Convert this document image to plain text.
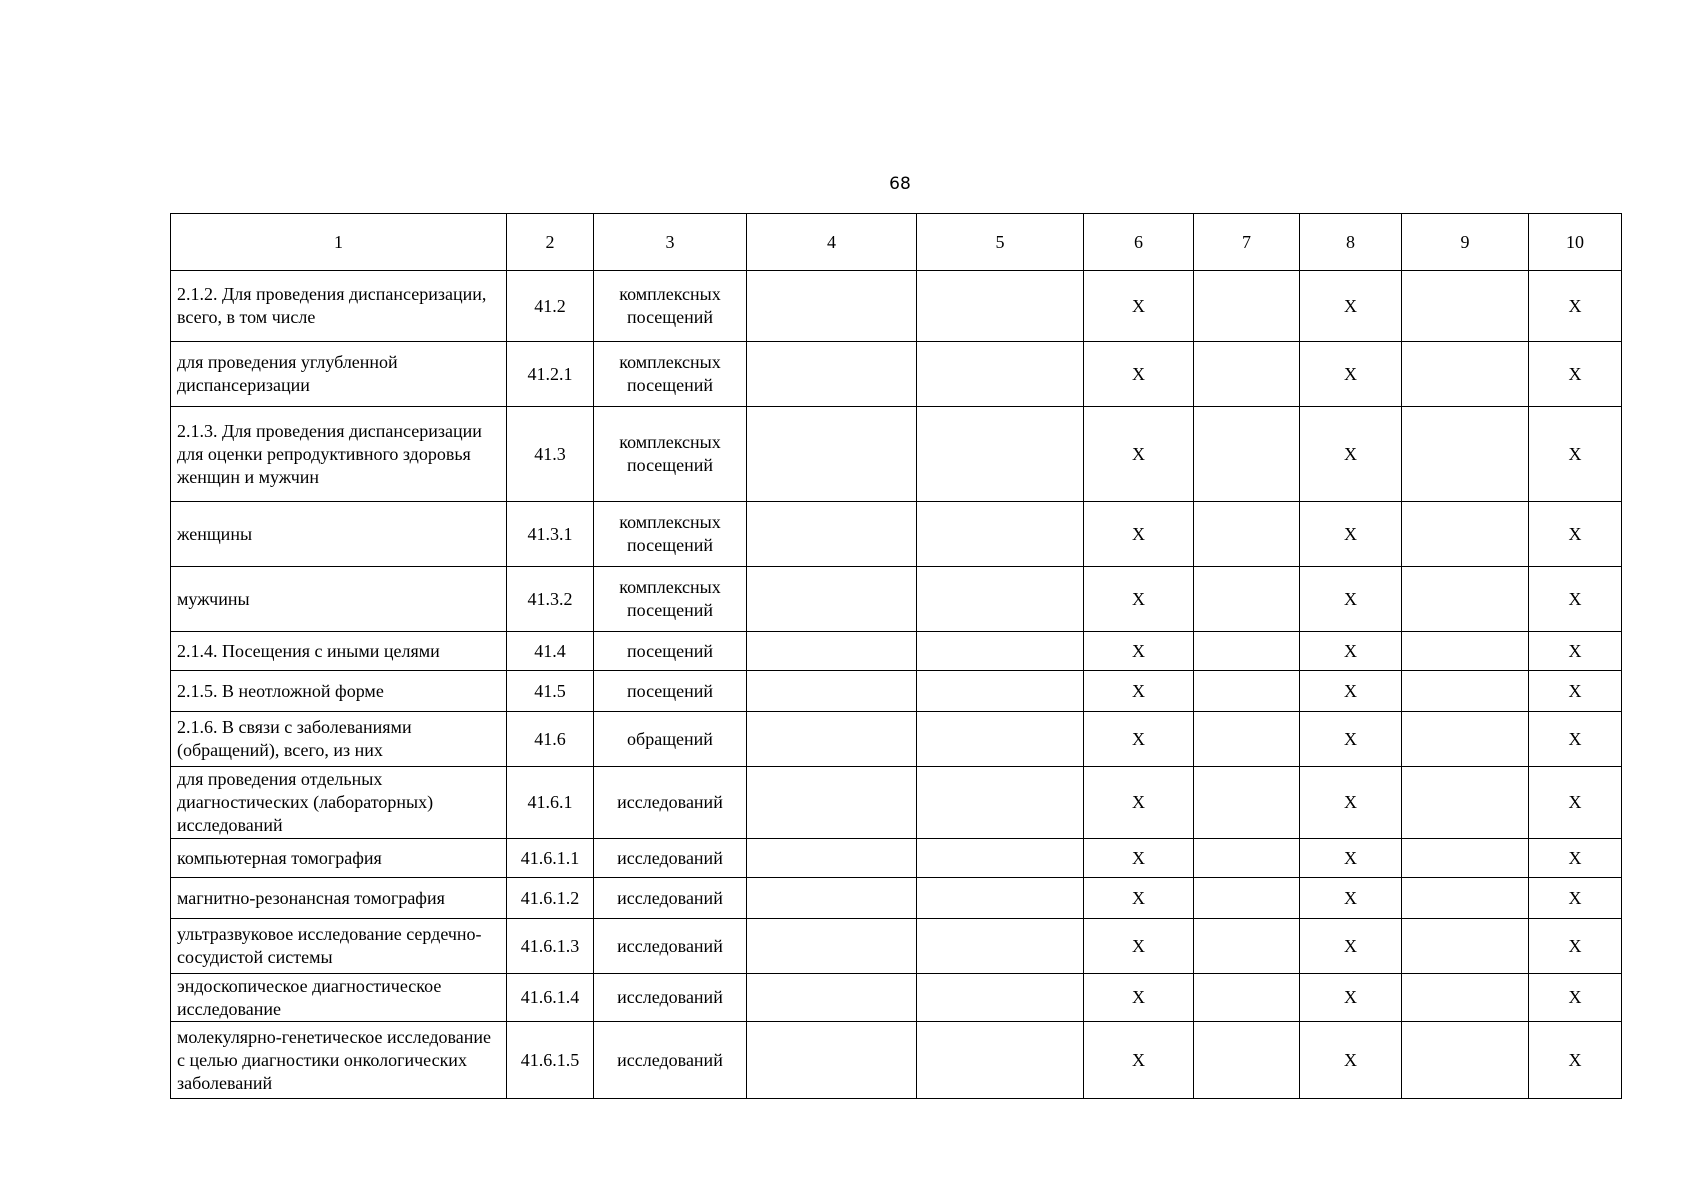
68
1	2	3	4	5	6	7	8	9	10
2.1.2. Для проведения диспансеризации, всего, в том числе	41.2	комплексных посещений			X		X		X
для проведения углубленной диспансеризации	41.2.1	комплексных посещений			X		X		X
2.1.3. Для проведения диспансеризации для оценки репродуктивного здоровья женщин и мужчин	41.3	комплексных посещений			X		X		X
женщины	41.3.1	комплексных посещений			X		X		X
мужчины	41.3.2	комплексных посещений			X		X		X
2.1.4. Посещения с иными целями	41.4	посещений			X		X		X
2.1.5. В неотложной форме	41.5	посещений			X		X		X
2.1.6. В связи с заболеваниями (обращений), всего, из них	41.6	обращений			X		X		X
для проведения отдельных диагностических (лабораторных) исследований	41.6.1	исследований			X		X		X
компьютерная томография	41.6.1.1	исследований			X		X		X
магнитно-резонансная томография	41.6.1.2	исследований			X		X		X
ультразвуковое исследование сердечно-сосудистой системы	41.6.1.3	исследований			X		X		X
эндоскопическое диагностическое исследование	41.6.1.4	исследований			X		X		X
молекулярно-генетическое исследование с целью диагностики онкологических заболеваний	41.6.1.5	исследований			X		X		X
